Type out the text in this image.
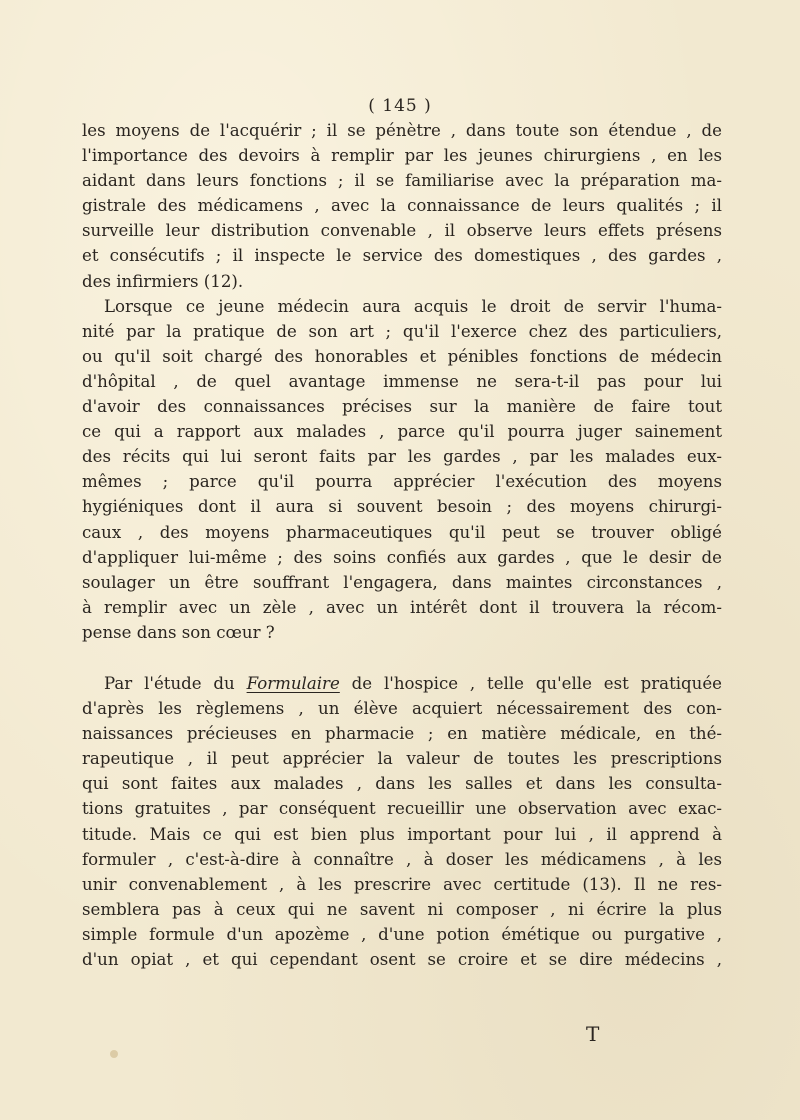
( 145 )
les moyens de l'acquérir ; il se pénètre , dans toute son étendue , de
l'importance des devoirs à remplir par les jeunes chirurgiens , en les
aidant dans leurs fonctions ; il se familiarise avec la préparation ma-
gistrale des médicamens , avec la connaissance de leurs qualités ; il
surveille leur distribution convenable , il observe leurs effets présens
et consécutifs ; il inspecte le service des domestiques , des gardes ,
des infirmiers (12).
Lorsque ce jeune médecin aura acquis le droit de servir l'huma-
nité par la pratique de son art ; qu'il l'exerce chez des particuliers,
ou qu'il soit chargé des honorables et pénibles fonctions de médecin
d'hôpital , de quel avantage immense ne sera-t-il pas pour lui
d'avoir des connaissances précises sur la manière de faire tout
ce qui a rapport aux malades , parce qu'il pourra juger sainement
des récits qui lui seront faits par les gardes , par les malades eux-
mêmes ; parce qu'il pourra apprécier l'exécution des moyens
hygiéniques dont il aura si souvent besoin ; des moyens chirurgi-
caux , des moyens pharmaceutiques qu'il peut se trouver obligé
d'appliquer lui-même ; des soins confiés aux gardes , que le desir de
soulager un être souffrant l'engagera, dans maintes circonstances ,
à remplir avec un zèle , avec un intérêt dont il trouvera la récom-
pense dans son cœur ?
Par l'étude du Formulaire de l'hospice , telle qu'elle est pratiquée
d'après les règlemens , un élève acquiert nécessairement des con-
naissances précieuses en pharmacie ; en matière médicale, en thé-
rapeutique , il peut apprécier la valeur de toutes les prescriptions
qui sont faites aux malades , dans les salles et dans les consulta-
tions gratuites , par conséquent recueillir une observation avec exac-
titude. Mais ce qui est bien plus important pour lui , il apprend à
formuler , c'est-à-dire à connaître , à doser les médicamens , à les
unir convenablement , à les prescrire avec certitude (13). Il ne res-
semblera pas à ceux qui ne savent ni composer , ni écrire la plus
simple formule d'un apozème , d'une potion émétique ou purgative ,
d'un opiat , et qui cependant osent se croire et se dire médecins ,
T
